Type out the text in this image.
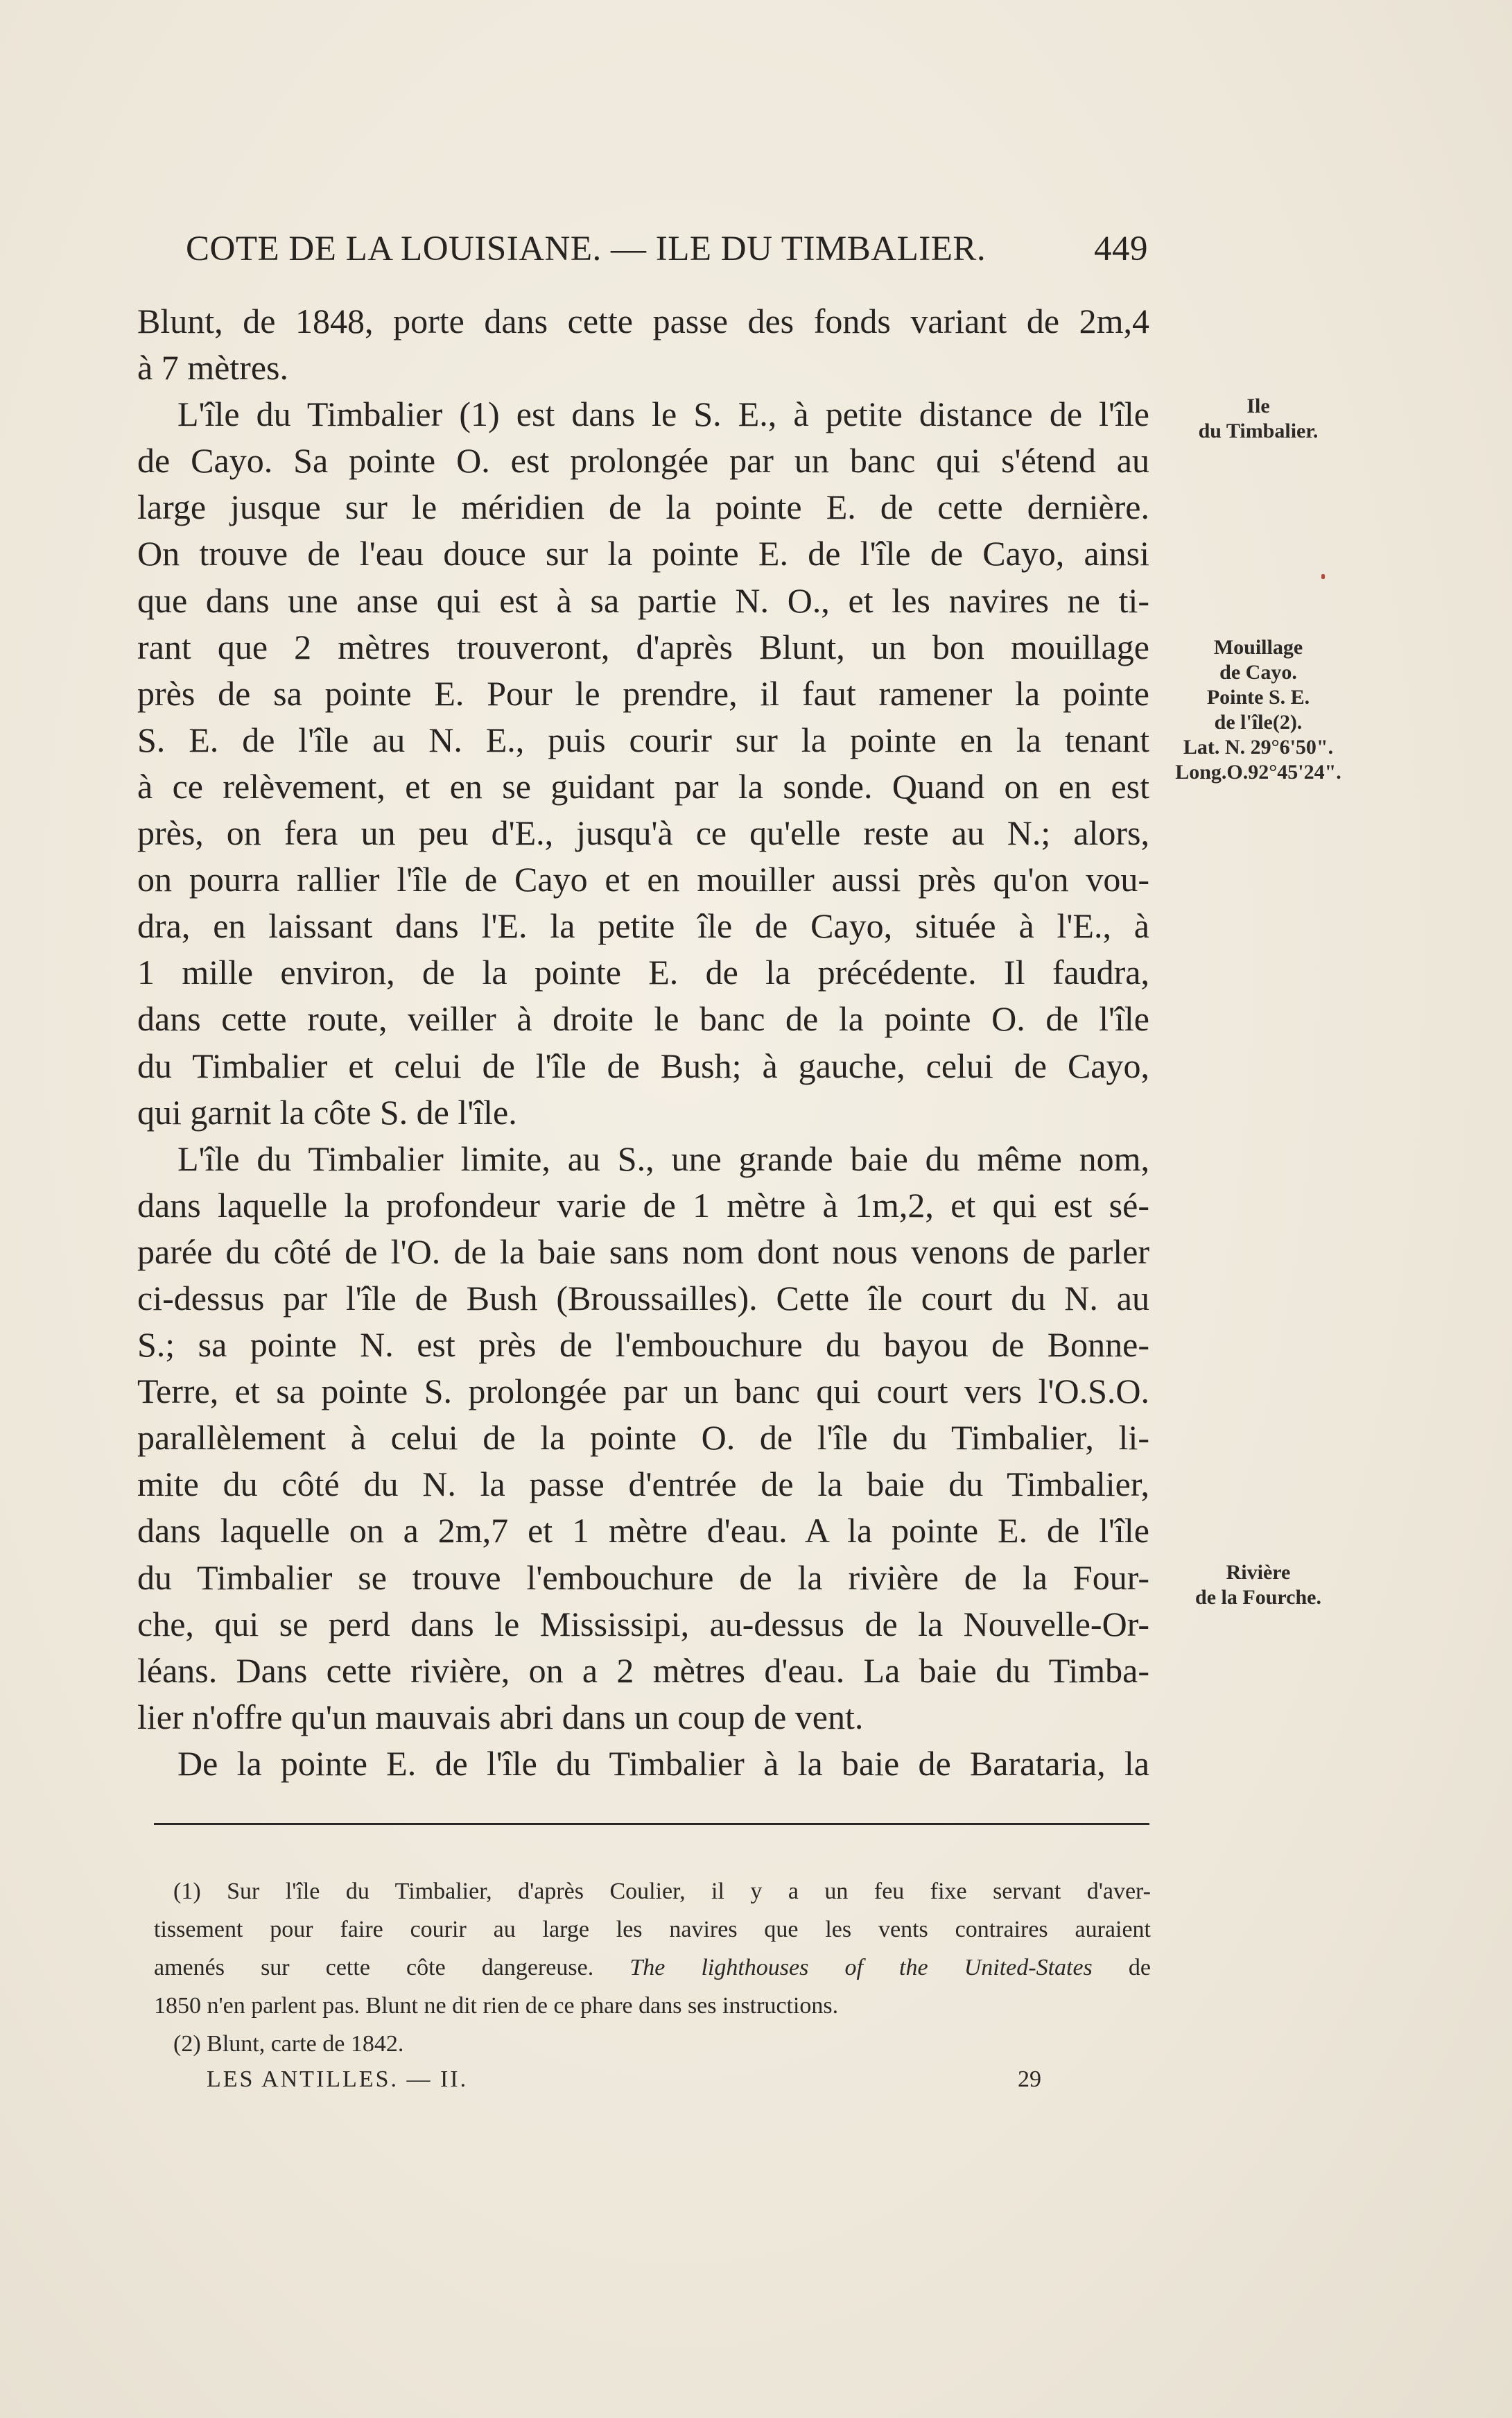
COTE DE LA LOUISIANE. — ILE DU TIMBALIER.	449
Blunt, de 1848, porte dans cette passe des fonds variant de 2m,4
à 7 mètres.
L'île du Timbalier (1) est dans le S. E., à petite distance de l'île
de Cayo. Sa pointe O. est prolongée par un banc qui s'étend au
large jusque sur le méridien de la pointe E. de cette dernière.
On trouve de l'eau douce sur la pointe E. de l'île de Cayo, ainsi
que dans une anse qui est à sa partie N. O., et les navires ne ti-
rant que 2 mètres trouveront, d'après Blunt, un bon mouillage
près de sa pointe E. Pour le prendre, il faut ramener la pointe
S. E. de l'île au N. E., puis courir sur la pointe en la tenant
à ce relèvement, et en se guidant par la sonde. Quand on en est
près, on fera un peu d'E., jusqu'à ce qu'elle reste au N.; alors,
on pourra rallier l'île de Cayo et en mouiller aussi près qu'on vou-
dra, en laissant dans l'E. la petite île de Cayo, située à l'E., à
1 mille environ, de la pointe E. de la précédente. Il faudra,
dans cette route, veiller à droite le banc de la pointe O. de l'île
du Timbalier et celui de l'île de Bush; à gauche, celui de Cayo,
qui garnit la côte S. de l'île.
L'île du Timbalier limite, au S., une grande baie du même nom,
dans laquelle la profondeur varie de 1 mètre à 1m,2, et qui est sé-
parée du côté de l'O. de la baie sans nom dont nous venons de parler
ci-dessus par l'île de Bush (Broussailles). Cette île court du N. au
S.; sa pointe N. est près de l'embouchure du bayou de Bonne-
Terre, et sa pointe S. prolongée par un banc qui court vers l'O.S.O.
parallèlement à celui de la pointe O. de l'île du Timbalier, li-
mite du côté du N. la passe d'entrée de la baie du Timbalier,
dans laquelle on a 2m,7 et 1 mètre d'eau. A la pointe E. de l'île
du Timbalier se trouve l'embouchure de la rivière de la Four-
che, qui se perd dans le Mississipi, au-dessus de la Nouvelle-Or-
léans. Dans cette rivière, on a 2 mètres d'eau. La baie du Timba-
lier n'offre qu'un mauvais abri dans un coup de vent.
De la pointe E. de l'île du Timbalier à la baie de Barataria, la
Ile
du Timbalier.
Mouillage
de Cayo.
Pointe S. E.
de l'île(2).
Lat. N. 29°6'50".
Long.O.92°45'24".
Rivière
de la Fourche.
(1) Sur l'île du Timbalier, d'après Coulier, il y a un feu fixe servant d'aver-
tissement pour faire courir au large les navires que les vents contraires auraient
amenés sur cette côte dangereuse. The lighthouses of the United-States de
1850 n'en parlent pas. Blunt ne dit rien de ce phare dans ses instructions.
(2) Blunt, carte de 1842.
LES ANTILLES. — II.	29
